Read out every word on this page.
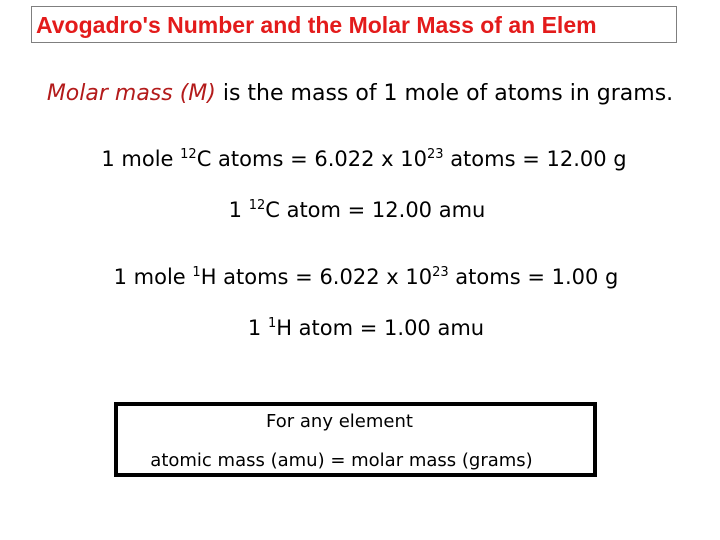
Avogadro's Number and the Molar Mass of an Elem
Molar mass (M) is the mass of 1 mole of atoms in grams.
1 mole $^{12}$C atoms = 6.022 x $10^{23}$ atoms = 12.00 g
1 $^{12}$C atom = 12.00 amu
1 mole $^1$H atoms = 6.022 x $10^{23}$ atoms = 1.00 g
1 $^1$H atom = 1.00 amu
For any element
atomic mass (amu) = molar mass (grams)
